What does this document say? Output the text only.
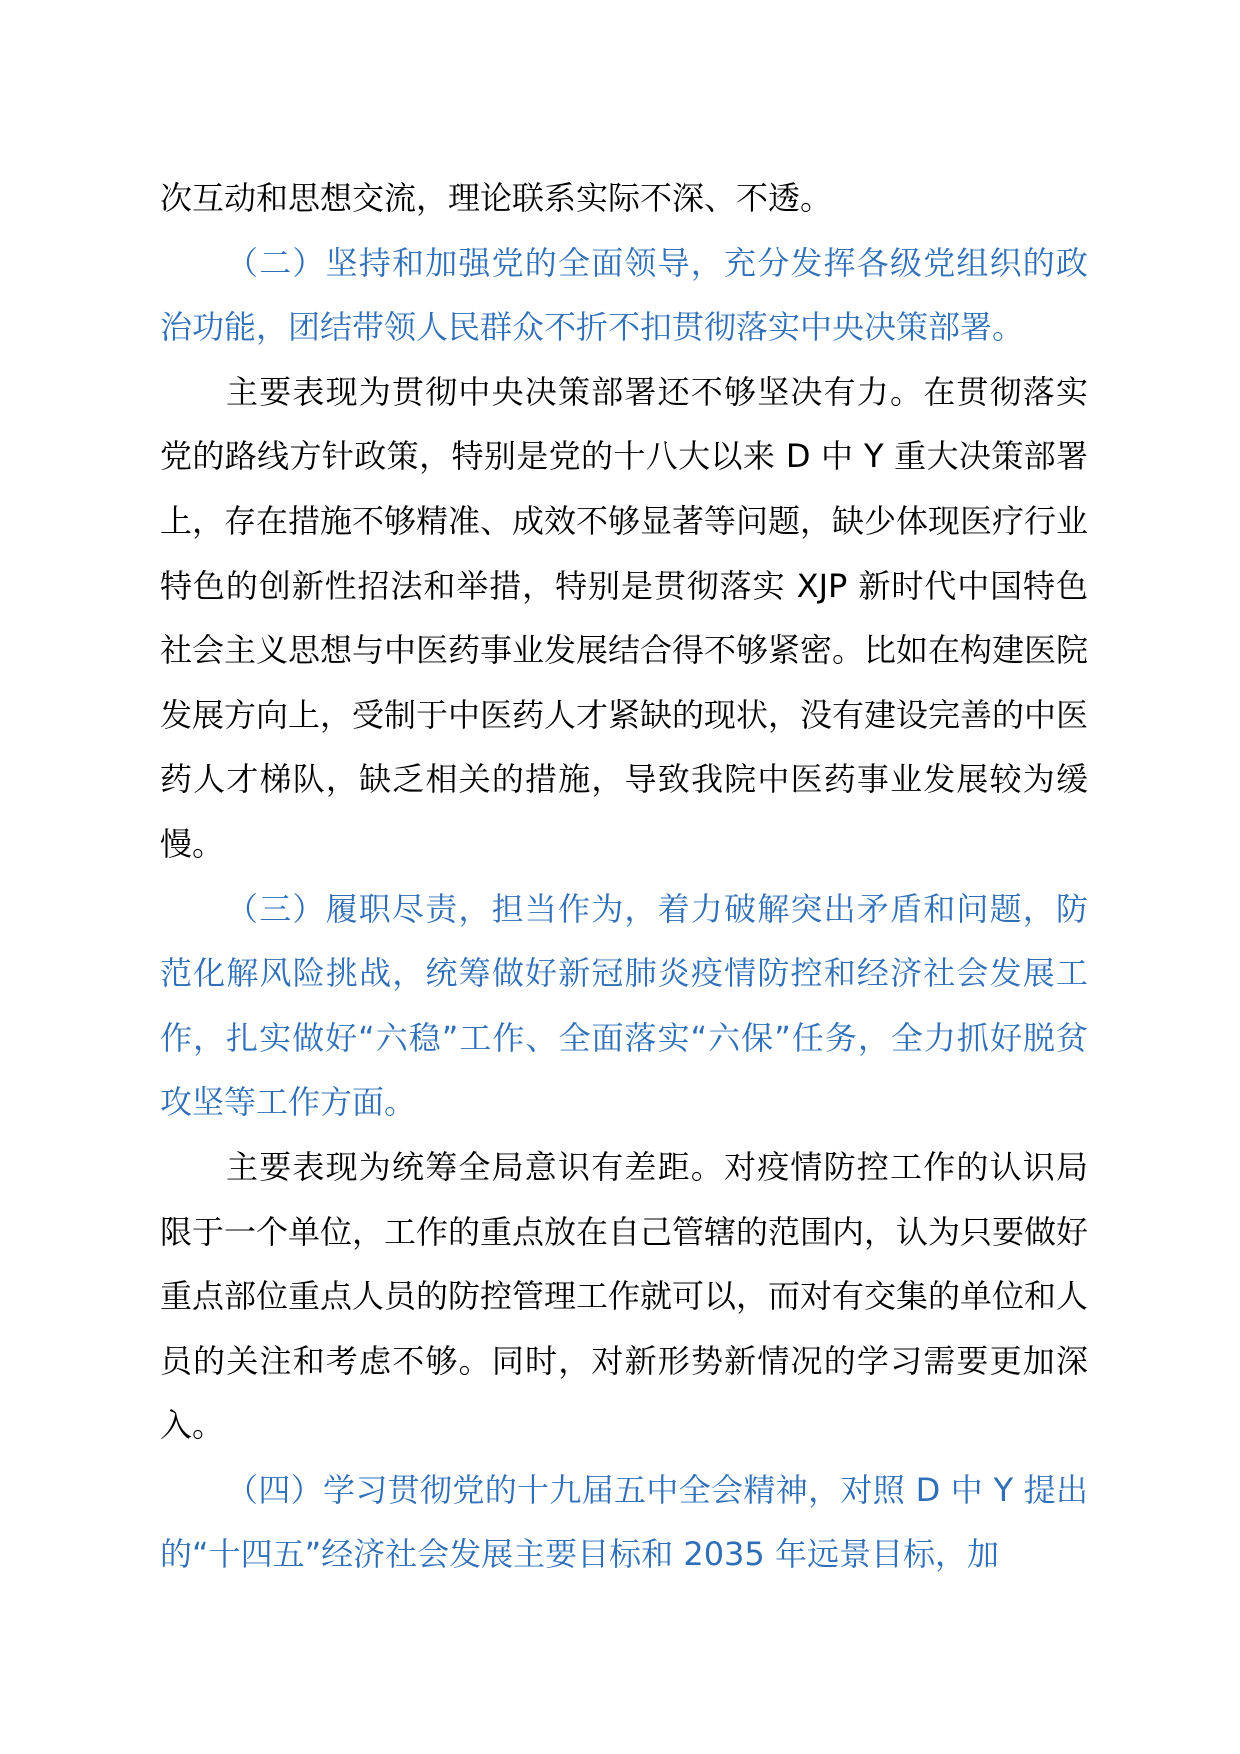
次互动和思想交流，理论联系实际不深、不透。

（二）坚持和加强党的全面领导，充分发挥各级党组织的政治功能，团结带领人民群众不折不扣贯彻落实中央决策部署。

主要表现为贯彻中央决策部署还不够坚决有力。在贯彻落实党的路线方针政策，特别是党的十八大以来 D 中 Y 重大决策部署上，存在措施不够精准、成效不够显著等问题，缺少体现医疗行业特色的创新性招法和举措，特别是贯彻落实 XJP 新时代中国特色社会主义思想与中医药事业发展结合得不够紧密。比如在构建医院发展方向上，受制于中医药人才紧缺的现状，没有建设完善的中医药人才梯队，缺乏相关的措施，导致我院中医药事业发展较为缓慢。

（三）履职尽责，担当作为，着力破解突出矛盾和问题，防范化解风险挑战，统筹做好新冠肺炎疫情防控和经济社会发展工作，扎实做好“六稳”工作、全面落实“六保”任务，全力抓好脱贫攻坚等工作方面。

主要表现为统筹全局意识有差距。对疫情防控工作的认识局限于一个单位，工作的重点放在自己管辖的范围内，认为只要做好重点部位重点人员的防控管理工作就可以，而对有交集的单位和人员的关注和考虑不够。同时，对新形势新情况的学习需要更加深入。

（四）学习贯彻党的十九届五中全会精神，对照 D 中 Y 提出的“十四五”经济社会发展主要目标和 2035 年远景目标，加
